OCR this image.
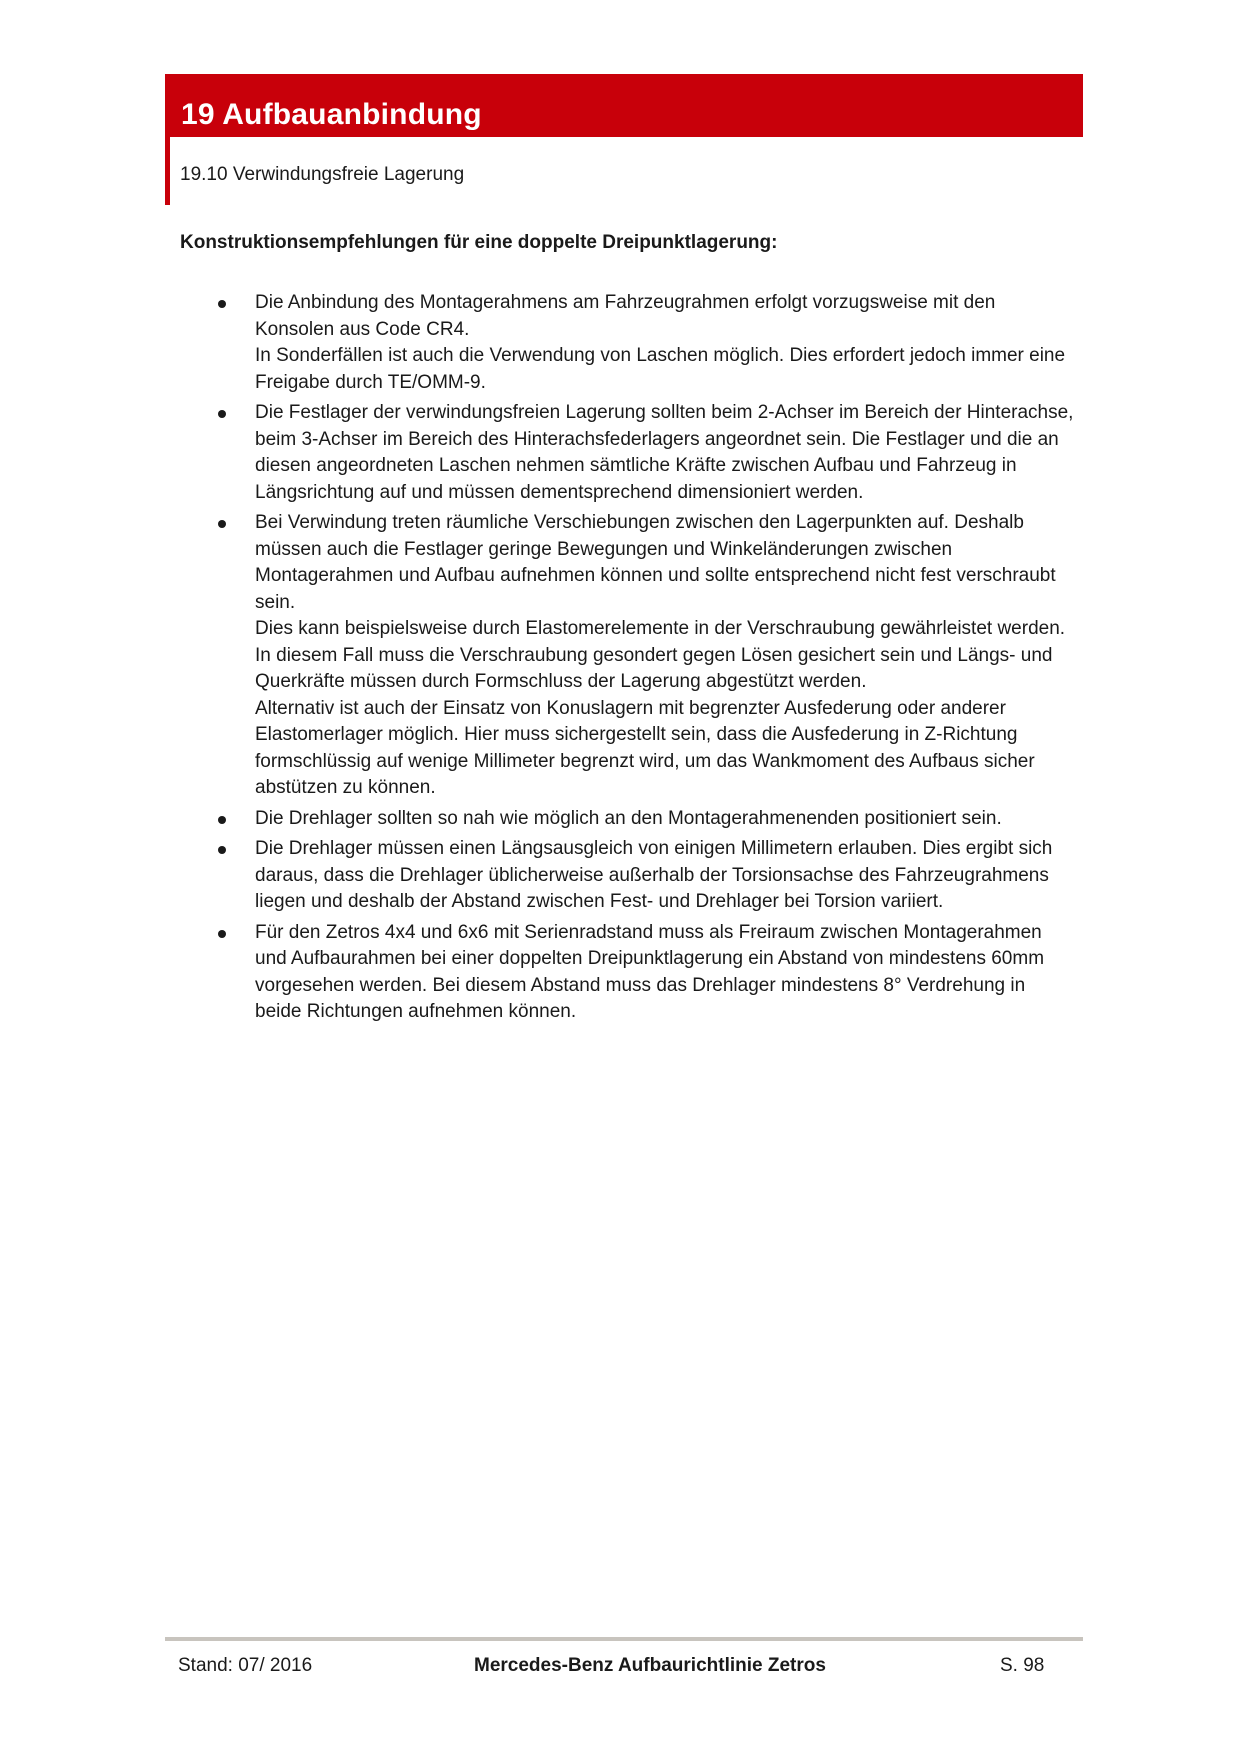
19 Aufbauanbindung
19.10 Verwindungsfreie Lagerung
Konstruktionsempfehlungen für eine doppelte Dreipunktlagerung:
Die Anbindung des Montagerahmens am Fahrzeugrahmen erfolgt vorzugsweise mit den Konsolen aus Code CR4.
In Sonderfällen ist auch die Verwendung von Laschen möglich. Dies erfordert jedoch immer eine Freigabe durch TE/OMM-9.
Die Festlager der verwindungsfreien Lagerung sollten beim 2-Achser im Bereich der Hinterachse, beim 3-Achser im Bereich des Hinterachsfederlagers angeordnet sein. Die Festlager und die an diesen angeordneten Laschen nehmen sämtliche Kräfte zwischen Aufbau und Fahrzeug in Längsrichtung auf und müssen dementsprechend dimensioniert werden.
Bei Verwindung treten räumliche Verschiebungen zwischen den Lagerpunkten auf. Deshalb müssen auch die Festlager geringe Bewegungen und Winkeländerungen zwischen Montagerahmen und Aufbau aufnehmen können und sollte entsprechend nicht fest verschraubt sein.
Dies kann beispielsweise durch Elastomerelemente in der Verschraubung gewährleistet werden. In diesem Fall muss die Verschraubung gesondert gegen Lösen gesichert sein und Längs- und Querkräfte müssen durch Formschluss der Lagerung abgestützt werden.
Alternativ ist auch der Einsatz von Konuslagern mit begrenzter Ausfederung oder anderer Elastomerlager möglich. Hier muss sichergestellt sein, dass die Ausfederung in Z-Richtung formschlüssig auf wenige Millimeter begrenzt wird, um das Wankmoment des Aufbaus sicher abstützen zu können.
Die Drehlager sollten so nah wie möglich an den Montagerahmenenden positioniert sein.
Die Drehlager müssen einen Längsausgleich von einigen Millimetern erlauben. Dies ergibt sich daraus, dass die Drehlager üblicherweise außerhalb der Torsionsachse des Fahrzeugrahmens liegen und deshalb der Abstand zwischen Fest- und Drehlager bei Torsion variiert.
Für den Zetros 4x4 und 6x6 mit Serienradstand muss als Freiraum zwischen Montagerahmen und Aufbaurahmen bei einer doppelten Dreipunktlagerung ein Abstand von mindestens 60mm vorgesehen werden. Bei diesem Abstand muss das Drehlager mindestens 8° Verdrehung in beide Richtungen aufnehmen können.
Stand: 07/ 2016	Mercedes-Benz Aufbaurichtlinie Zetros	S. 98
